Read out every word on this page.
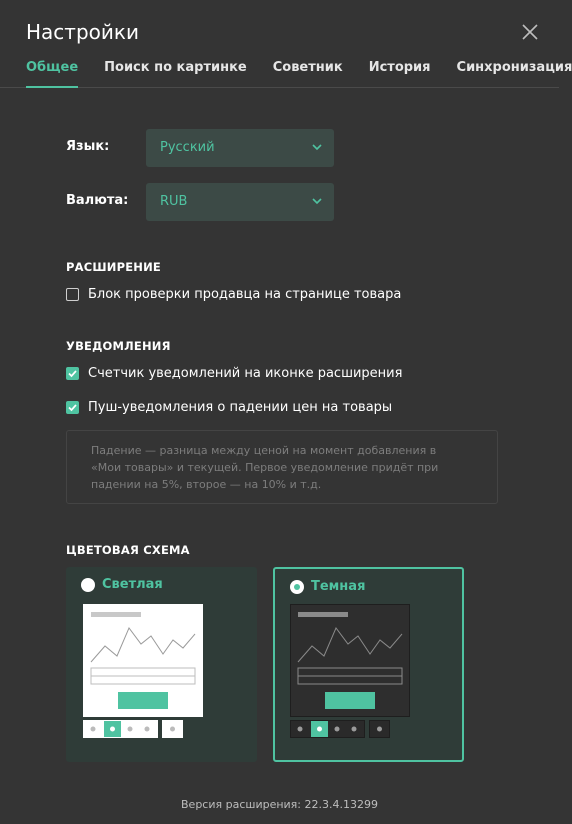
Настройки
Общее Поиск по картинке Советник История Синхронизация
Язык:	Русский
Валюта: RUB
РАСШИРЕНИЕ
Блок проверки продавца на странице товара
УВЕДОМЛЕНИЯ
Счетчик уведомлений на иконке расширения
Пуш-уведомления о падении цен на товары
Падение — разница между ценой на момент добавления в
«Мои товары» и текущей. Первое уведомление придёт при
падении на 5%, второе — на 10% и т.д.
ЦВЕТОВАЯ СХЕМА
Светлая	Темная
Версия расширения: 22.3.4.13299
